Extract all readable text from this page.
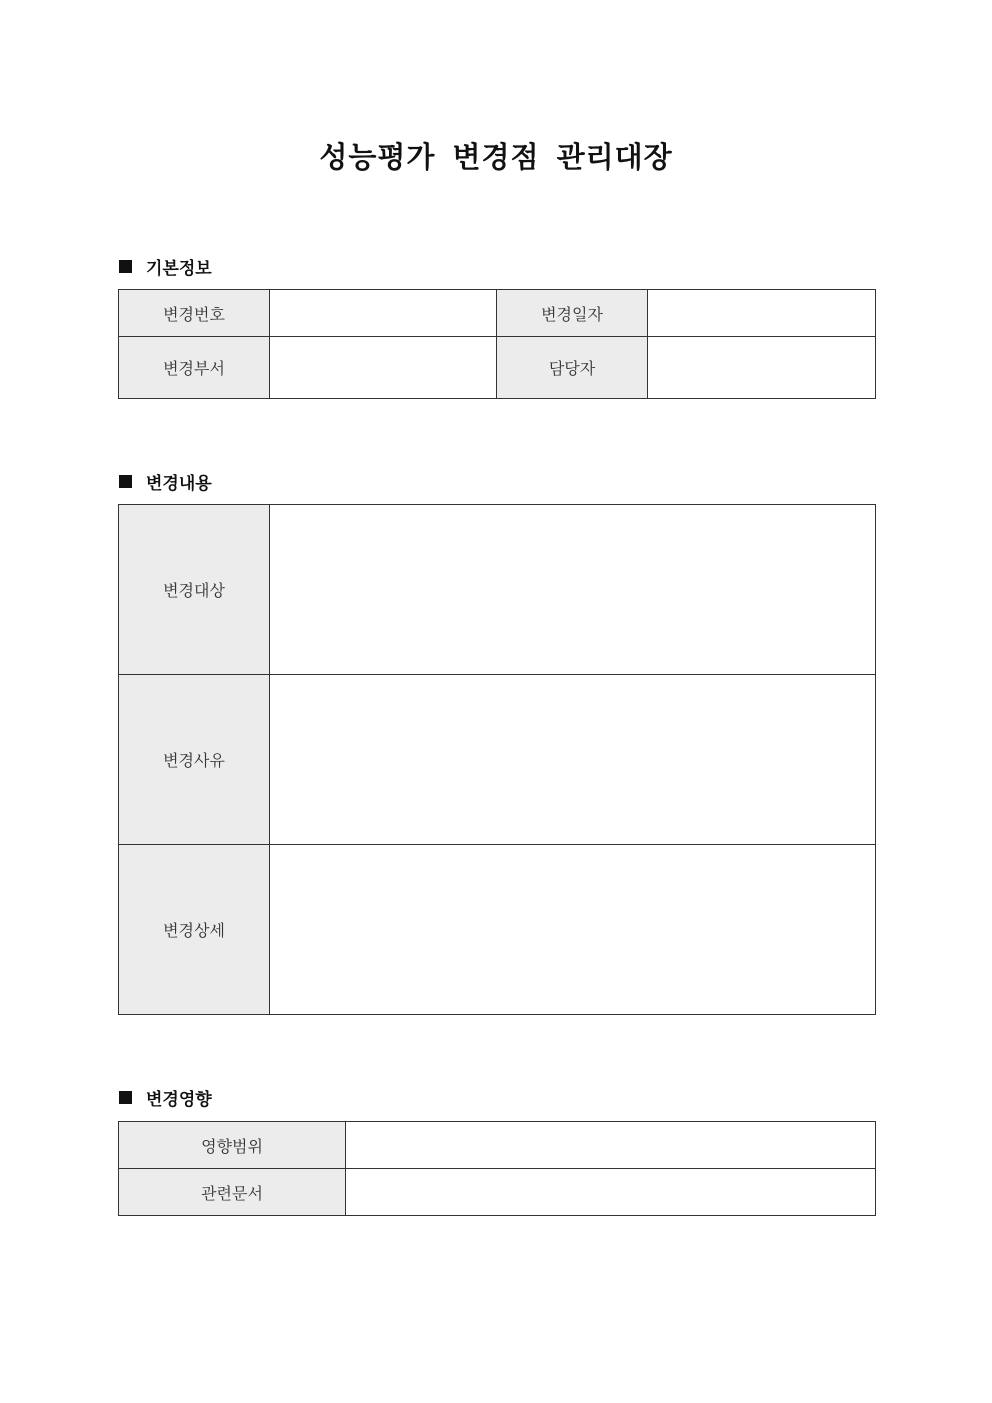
성능평가 변경점 관리대장
기본정보
변경번호		변경일자	
변경부서		담당자	
변경내용
변경대상	
변경사유	
변경상세	
변경영향
영향범위	
관련문서	
